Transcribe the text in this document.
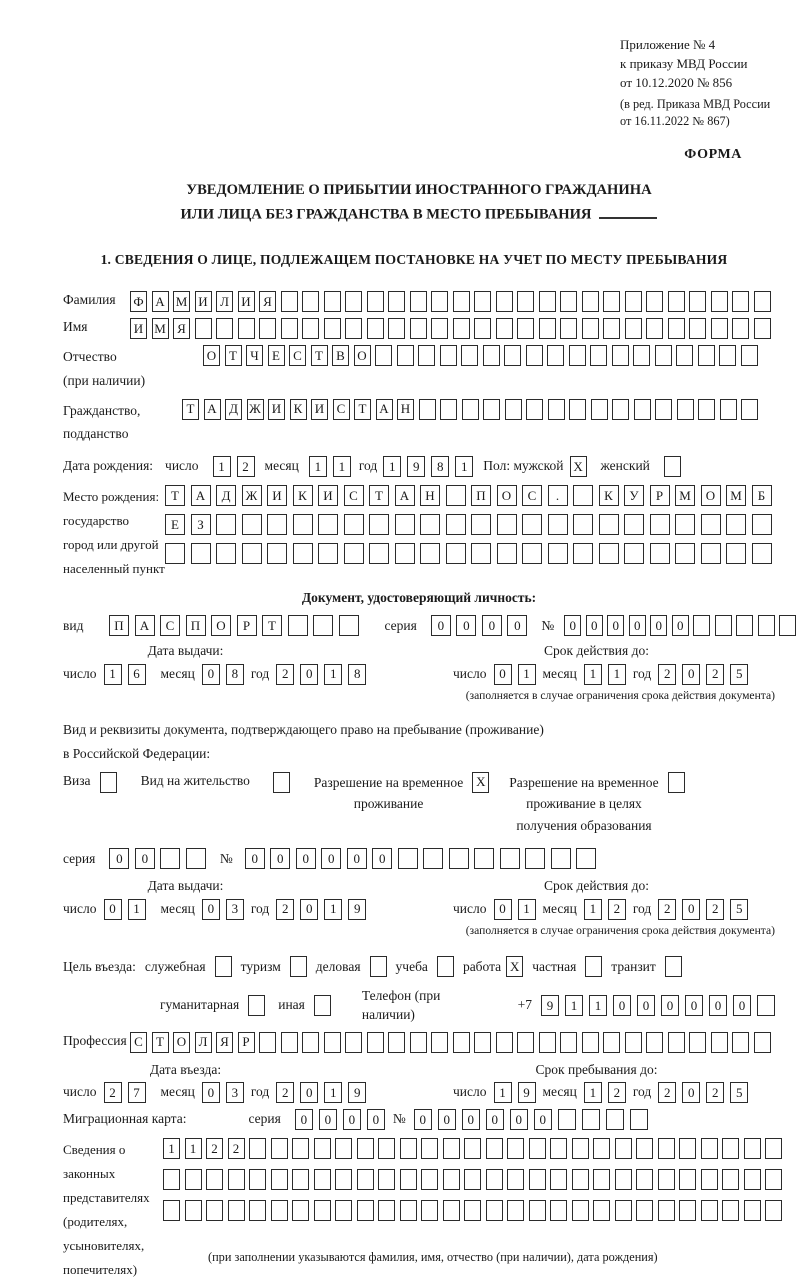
Приложение № 4
к приказу МВД России
от 10.12.2020 № 856
(в ред. Приказа МВД России
от 16.11.2022 № 867)
ФОРМА
УВЕДОМЛЕНИЕ О ПРИБЫТИИ ИНОСТРАННОГО ГРАЖДАНИНА
ИЛИ ЛИЦА БЕЗ ГРАЖДАНСТВА В МЕСТО ПРЕБЫВАНИЯ
1. СВЕДЕНИЯ О ЛИЦЕ, ПОДЛЕЖАЩЕМ ПОСТАНОВКЕ НА УЧЕТ ПО МЕСТУ ПРЕБЫВАНИЯ
Фамилия	Ф А М И Л И Я
Имя	И М Я
Отчество
(при наличии)
О Т	Ч	Е	С	Т	В О
Гражданство,
подданство
Т А Д Ж И К И С	Т А Н
Дата рождения: число	1	2	месяц	1	1	год 1	9	8	1	Пол: мужской X женский
Место рождения:
государство
город или другой
населенный пункт
Т	А	Д	Ж	И	К	И	С	Т	А	Н	П	О	С	.	К	У	Р	М	О	М	Б
Е	З
Документ, удостоверяющий личность:
вид	П	А	С	П	О	Р	Т	серия	0	0	0	0	№	0	0	0	0	0	0
Дата выдачи:
число 1	6	месяц 0	8 год 2	0	1	8
Срок действия до:
число 0	1 месяц 1	1 год 2	0	2	5
(заполняется в случае ограничения срока действия документа)
Вид и реквизиты документа, подтверждающего право на пребывание (проживание)
в Российской Федерации:
Виза	Вид на жительство	Разрешение на временное
проживание
X Разрешение на временное
проживание в целях
получения образования
серия	0	0	№	0	0	0	0	0	0
Дата выдачи:
число 0	1	месяц 0	3 год 2	0	1	9
Срок действия до:
число 0	1 месяц 1	2 год 2	0	2	5
(заполняется в случае ограничения срока действия документа)
Цель въезда: служебная	туризм	деловая	учеба	работа X частная	транзит
гуманитарная	иная
Телефон (при наличии)
+7	9	1	1	0	0	0	0	0	0
Профессия С	Т О Л Я	Р
Дата въезда:
число 2	7	месяц 0	3 год 2	0	1	9
Срок пребывания до:
число 1	9 месяц 1	2 год 2	0	2	5
Миграционная карта:	серия	0	0	0	0	№	0	0	0	0	0	0
Сведения о
законных
представителях
(родителях,
усыновителях,
попечителях)
1	1	2	2
(при заполнении указываются фамилия, имя, отчество (при наличии), дата рождения)
